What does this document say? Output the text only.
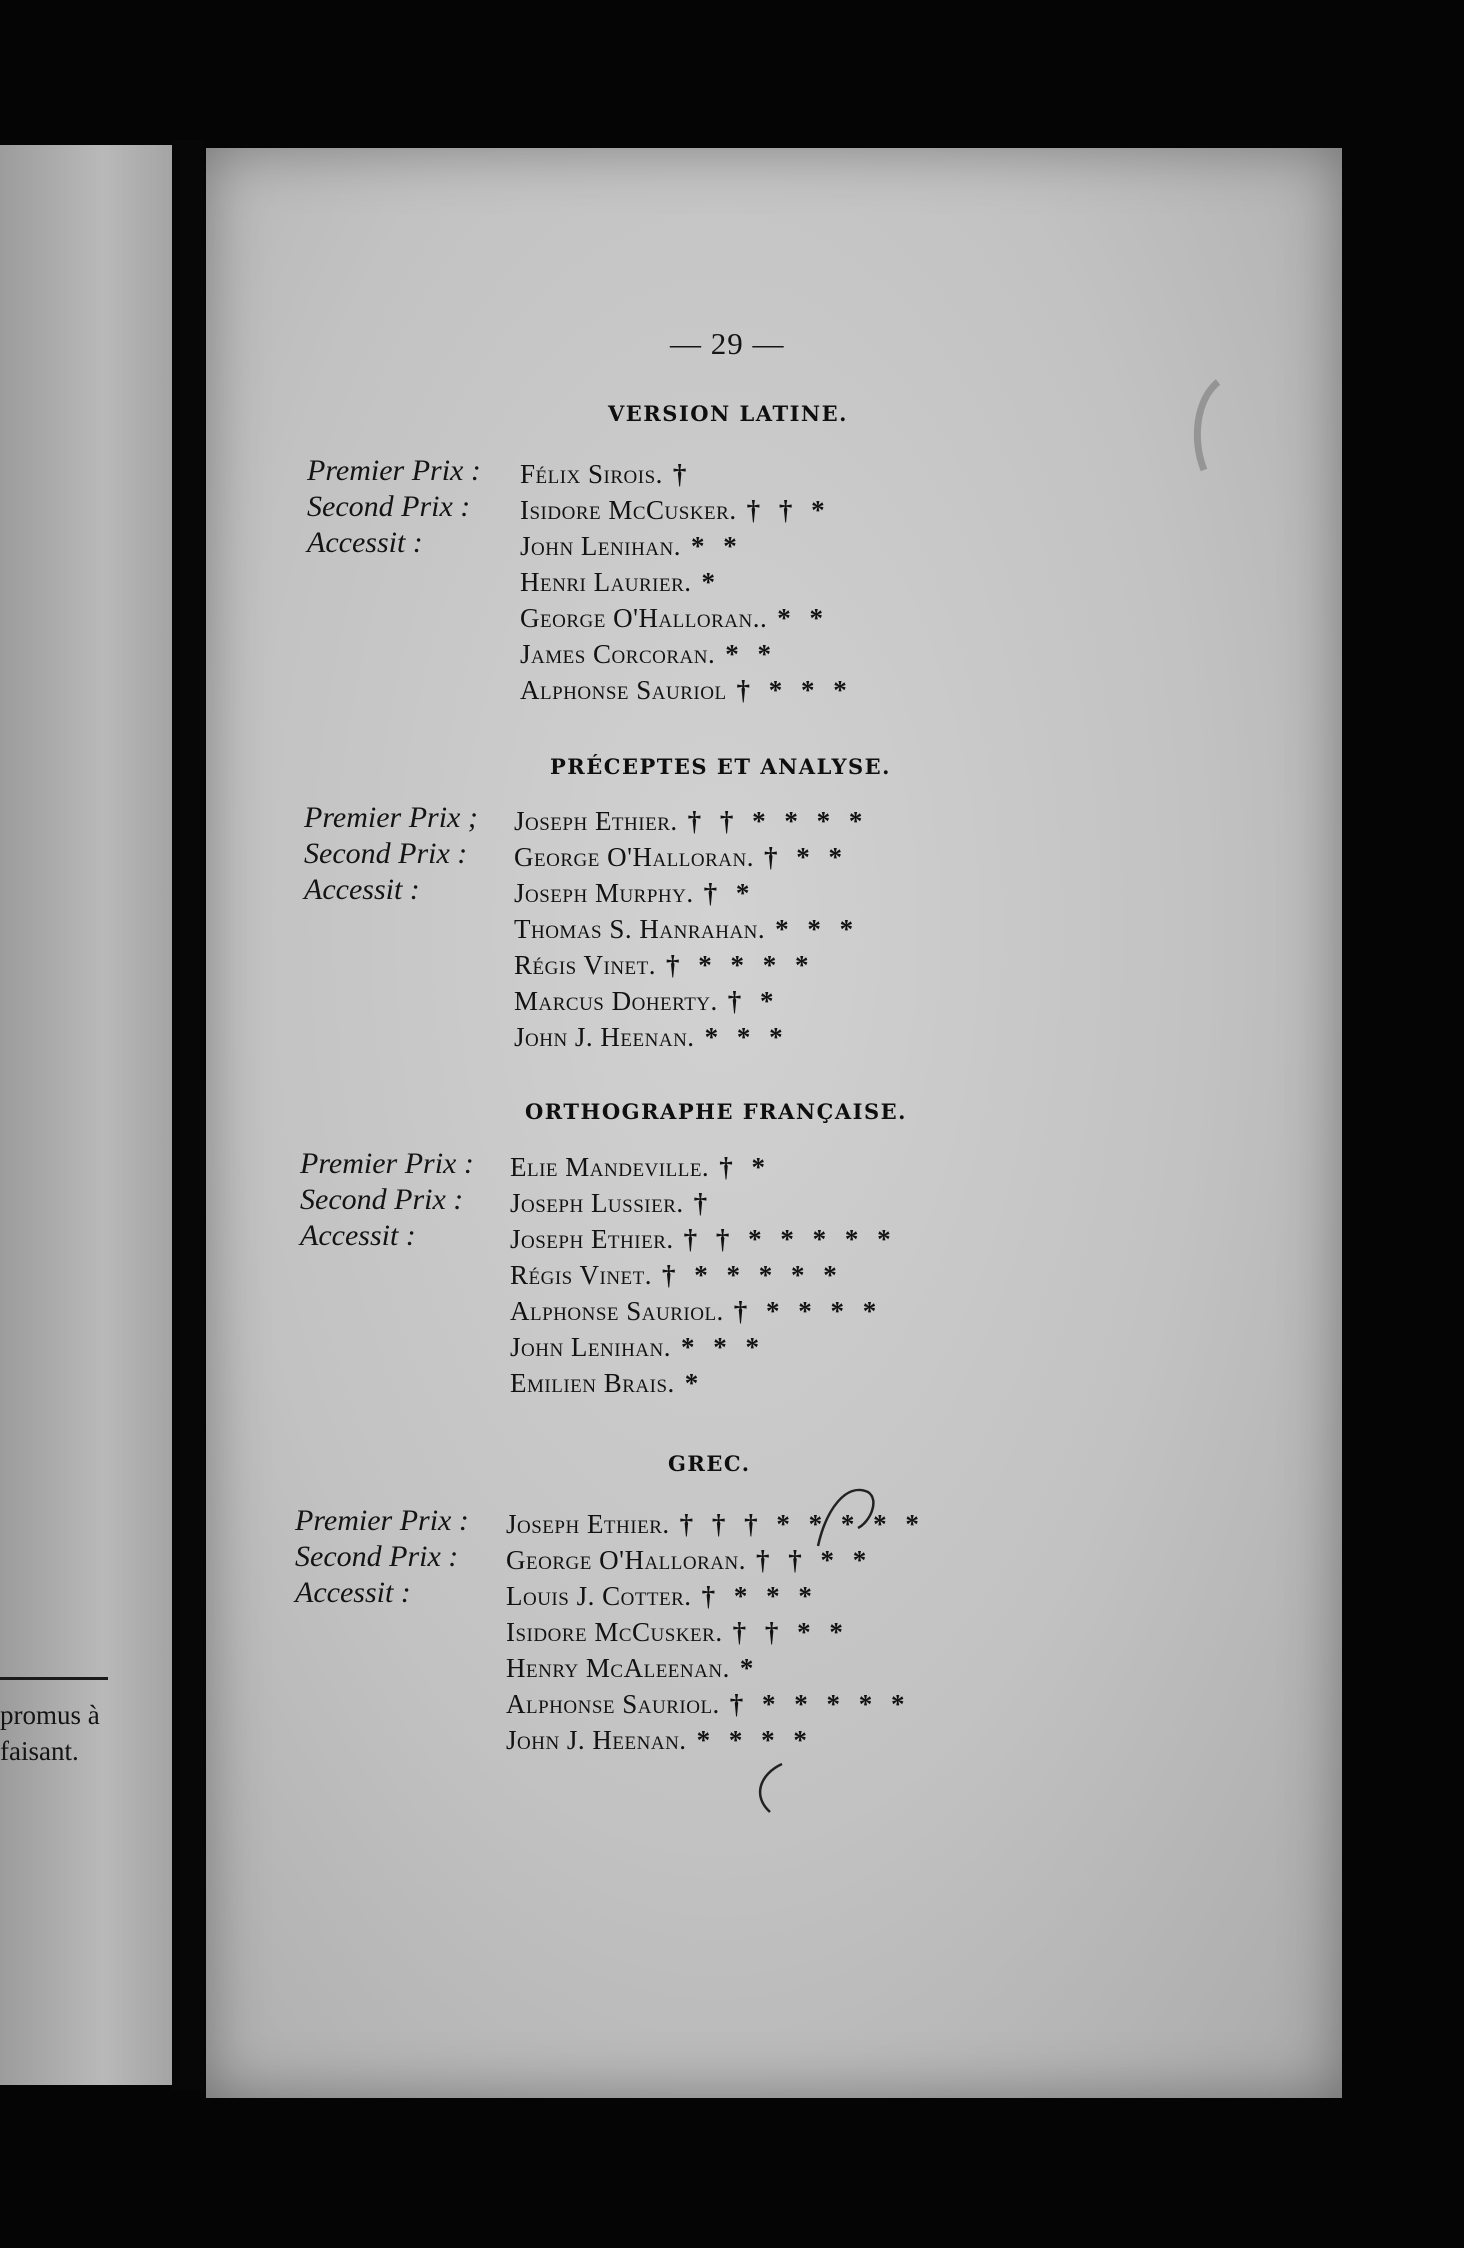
promus à
faisant.
— 29 —
VERSION LATINE.
Premier Prix :
Second Prix :
Accessit :
Félix Sirois. †
Isidore McCusker. † † *
John Lenihan. * *
Henri Laurier. *
George O'Halloran.. * *
James Corcoran. * *
Alphonse Sauriol † * * *
PRÉCEPTES ET ANALYSE.
Premier Prix ;
Second Prix :
Accessit :
Joseph Ethier. † † * * * *
George O'Halloran. † * *
Joseph Murphy. † *
Thomas S. Hanrahan. * * *
Régis Vinet. † * * * *
Marcus Doherty. † *
John J. Heenan. * * *
ORTHOGRAPHE FRANÇAISE.
Premier Prix :
Second Prix :
Accessit :
Elie Mandeville. † *
Joseph Lussier. †
Joseph Ethier. † † * * * * *
Régis Vinet. † * * * * *
Alphonse Sauriol. † * * * *
John Lenihan. * * *
Emilien Brais. *
GREC.
Premier Prix :
Second Prix :
Accessit :
Joseph Ethier. † † † * * * * *
George O'Halloran. † † * *
Louis J. Cotter. † * * *
Isidore McCusker. † † * *
Henry McAleenan. *
Alphonse Sauriol. † * * * * *
John J. Heenan. * * * *
